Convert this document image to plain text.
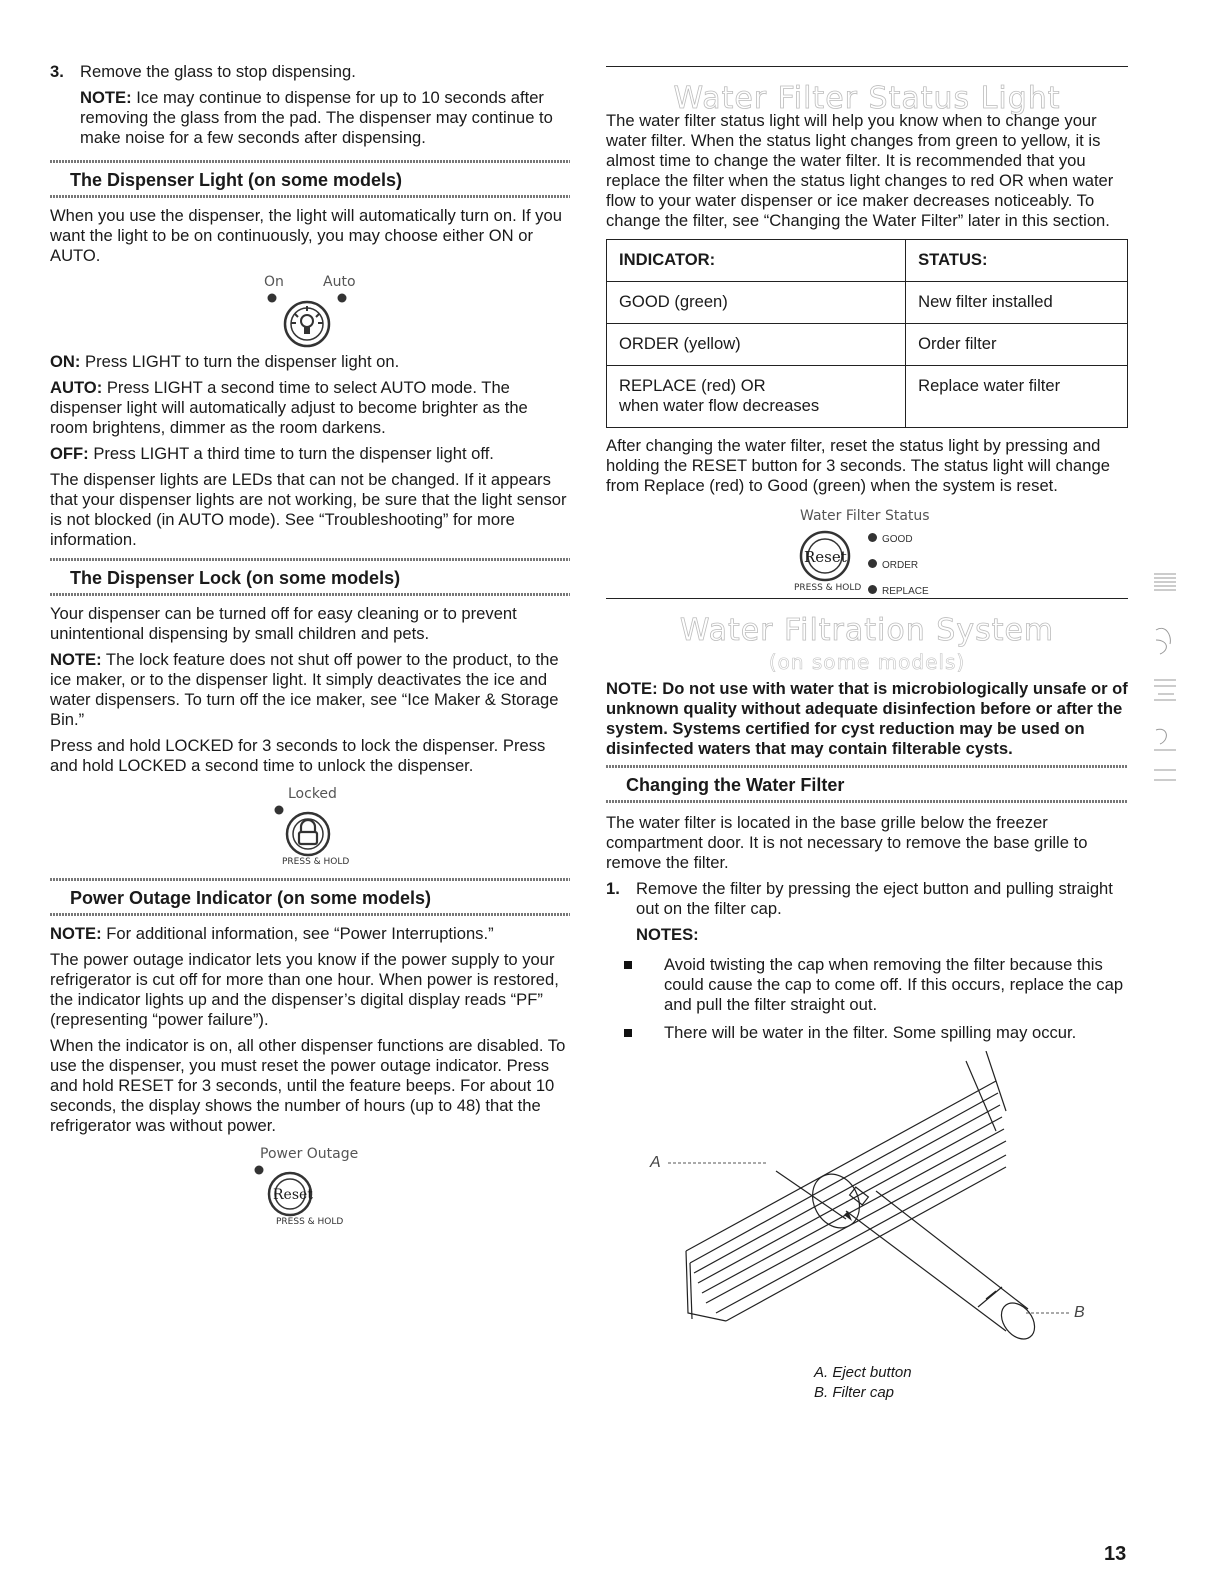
3. Remove the glass to stop dispensing.

NOTE: Ice may continue to dispense for up to 10 seconds after removing the glass from the pad. The dispenser may continue to make noise for a few seconds after dispensing.

The Dispenser Light (on some models)

When you use the dispenser, the light will automatically turn on. If you want the light to be on continuously, you may choose either ON or AUTO.

On	Auto

ON: Press LIGHT to turn the dispenser light on.

AUTO: Press LIGHT a second time to select AUTO mode. The dispenser light will automatically adjust to become brighter as the room brightens, dimmer as the room darkens.

OFF: Press LIGHT a third time to turn the dispenser light off.

The dispenser lights are LEDs that can not be changed. If it appears that your dispenser lights are not working, be sure that the light sensor is not blocked (in AUTO mode). See “Troubleshooting” for more information.

The Dispenser Lock (on some models)

Your dispenser can be turned off for easy cleaning or to prevent unintentional dispensing by small children and pets.

NOTE: The lock feature does not shut off power to the product, to the ice maker, or to the dispenser light. It simply deactivates the ice and water dispensers. To turn off the ice maker, see “Ice Maker & Storage Bin.”

Press and hold LOCKED for 3 seconds to lock the dispenser. Press and hold LOCKED a second time to unlock the dispenser.

Locked
PRESS & HOLD
Power Outage Indicator (on some models)

NOTE: For additional information, see “Power Interruptions.”

The power outage indicator lets you know if the power supply to your refrigerator is cut off for more than one hour. When power is restored, the indicator lights up and the dispenser’s digital display reads “PF” (representing “power failure”).

When the indicator is on, all other dispenser functions are disabled. To use the dispenser, you must reset the power outage indicator. Press and hold RESET for 3 seconds, until the feature beeps. For about 10 seconds, the display shows the number of hours (up to 48) that the refrigerator was without power.

Power Outage
Reset
PRESS & HOLD
Water Filter Status Light

The water filter status light will help you know when to change your water filter. When the status light changes from green to yellow, it is almost time to change the water filter. It is recommended that you replace the filter when the status light changes to red OR when water flow to your water dispenser or ice maker decreases noticeably. To change the filter, see “Changing the Water Filter” later in this section.

INDICATOR:	STATUS:
GOOD (green)	New filter installed
ORDER (yellow)	Order filter

REPLACE (red) OR
when water flow decreases	Replace water filter

After changing the water filter, reset the status light by pressing and holding the RESET button for 3 seconds. The status light will change from Replace (red) to Good (green) when the system is reset.

Water Filter Status
Reset
PRESS & HOLD
GOOD
ORDER
REPLACE
Water Filtration System
(on some models)

NOTE: Do not use with water that is microbiologically unsafe or of unknown quality without adequate disinfection before or after the system. Systems certified for cyst reduction may be used on disinfected waters that may contain filterable cysts.

Changing the Water Filter

The water filter is located in the base grille below the freezer compartment door. It is not necessary to remove the base grille to remove the filter.

1. Remove the filter by pressing the eject button and pulling straight out on the filter cap.

NOTES:

Avoid twisting the cap when removing the filter because this could cause the cap to come off. If this occurs, replace the cap and pull the filter straight out.
There will be water in the filter. Some spilling may occur.
A
B
A. Eject button
B. Filter cap
13
